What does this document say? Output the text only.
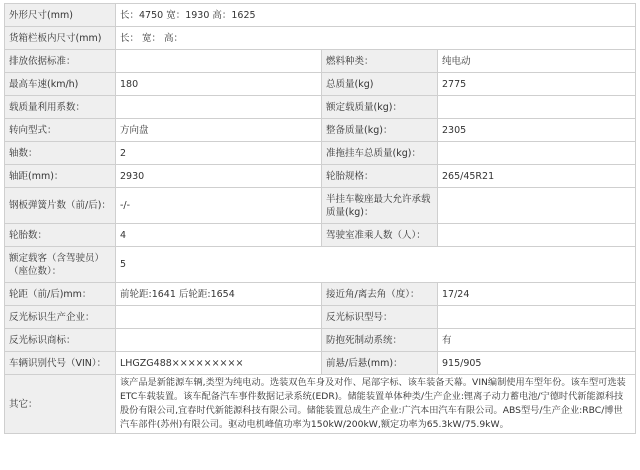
外形尺寸(mm)	长：4750 宽：1930 高：1625		
货箱栏板内尺寸(mm)	长： 宽： 高：		
排放依据标准：		燃料种类：	纯电动
最高车速(km/h)	180	总质量(kg)	2775
载质量利用系数：		额定载质量(kg)：	
转向型式：	方向盘	整备质量(kg)：	2305
轴数：	2	准拖挂车总质量(kg)：	
轴距(mm)：	2930	轮胎规格：	265/45R21
钢板弹簧片数（前/后)：	-/-	半挂车鞍座最大允许承载质量(kg)：	
轮胎数：	4	驾驶室准乘人数（人）：	
额定载客（含驾驶员）（座位数）：	5		
轮距（前/后)mm：	前轮距:1641 后轮距:1654	接近角/离去角（度）：	17/24
反光标识生产企业：		反光标识型号：	
反光标识商标：		防抱死制动系统：	有
车辆识别代号（VIN）：	LHGZG488×××××××××	前悬/后悬(mm)：	915/905
其它：	该产品是新能源车辆,类型为纯电动。选装双色车身及对作、尾部字标、该车装备天幕。VIN编制使用车型年份。该车型可选装ETC车载装置。该车配备汽车事件数据记录系统(EDR)。储能装置单体种类/生产企业:锂离子动力蓄电池/宁德时代新能源科技股份有限公司,宜春时代新能源科技有限公司。储能装置总成生产企业:广汽本田汽车有限公司。ABS型号/生产企业:RBC/博世汽车部件(苏州)有限公司。驱动电机峰值功率为150kW/200kW,额定功率为65.3kW/75.9kW。		
